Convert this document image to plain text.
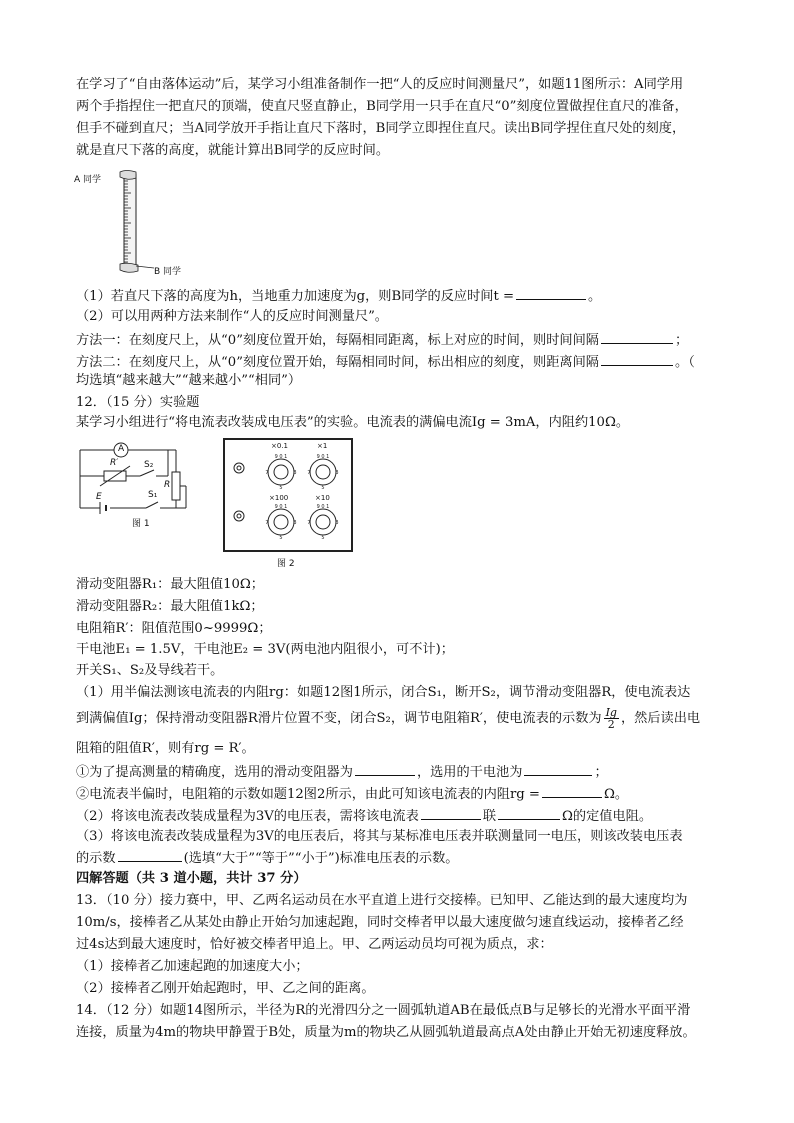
在学习了“自由落体运动”后，某学习小组准备制作一把“人的反应时间测量尺”，如题11图所示：A同学用
两个手指捏住一把直尺的顶端，使直尺竖直静止，B同学用一只手在直尺“0”刻度位置做捏住直尺的准备，
但手不碰到直尺；当A同学放开手指让直尺下落时，B同学立即捏住直尺。读出B同学捏住直尺处的刻度，
就是直尺下落的高度，就能计算出B同学的反应时间。
A 同学
B 同学
（1）若直尺下落的高度为h，当地重力加速度为g，则B同学的反应时间t =	。
（2）可以用两种方法来制作“人的反应时间测量尺”。
方法一：在刻度尺上，从“0”刻度位置开始，每隔相同距离，标上对应的时间，则时间间隔	；
方法二：在刻度尺上，从“0”刻度位置开始，每隔相同时间，标出相应的刻度，则距离间隔	。（
均选填“越来越大”“越来越小”“相同”）
12．（15 分）实验题
某学习小组进行“将电流表改装成电压表”的实验。电流表的满偏电流Ig = 3mA，内阻约10Ω。
A
R′	S₂
R
E	S₁
图 1
9 0 1
7	3
5
9 0 1
7	3
5
9 0 1
7	3
5
9 0 1
7	3
5
×0.1	×1
×100	×10
图 2
滑动变阻器R₁：最大阻值10Ω；
滑动变阻器R₂：最大阻值1kΩ；
电阻箱R′：阻值范围0~9999Ω；
干电池E₁ = 1.5V，干电池E₂ = 3V(两电池内阻很小，可不计)；
开关S₁、S₂及导线若干。
（1）用半偏法测该电流表的内阻rg：如题12图1所示，闭合S₁，断开S₂，调节滑动变阻器R，使电流表达
到满偏值Ig；保持滑动变阻器R滑片位置不变，闭合S₂，调节电阻箱R′，使电流表的示数为 $\frac{Ig}{2}$ ，然后读出电
阻箱的阻值R′，则有rg = R′。
①为了提高测量的精确度，选用的滑动变阻器为	，选用的干电池为	；
②电流表半偏时，电阻箱的示数如题12图2所示，由此可知该电流表的内阻rg =	Ω。
（2）将该电流表改装成量程为3V的电压表，需将该电流表	联	Ω的定值电阻。
（3）将该电流表改装成量程为3V的电压表后，将其与某标准电压表并联测量同一电压，则该改装电压表
的示数	(选填“大于”“等于”“小于”)标准电压表的示数。
四解答题（共 3 道小题，共计 37 分）
13．（10 分）接力赛中，甲、乙两名运动员在水平直道上进行交接棒。已知甲、乙能达到的最大速度均为
10m/s，接棒者乙从某处由静止开始匀加速起跑，同时交棒者甲以最大速度做匀速直线运动，接棒者乙经
过4s达到最大速度时，恰好被交棒者甲追上。甲、乙两运动员均可视为质点，求：
（1）接棒者乙加速起跑的加速度大小；
（2）接棒者乙刚开始起跑时，甲、乙之间的距离。
14．（12 分）如题14图所示，半径为R的光滑四分之一圆弧轨道AB在最低点B与足够长的光滑水平面平滑
连接，质量为4m的物块甲静置于B处，质量为m的物块乙从圆弧轨道最高点A处由静止开始无初速度释放。
